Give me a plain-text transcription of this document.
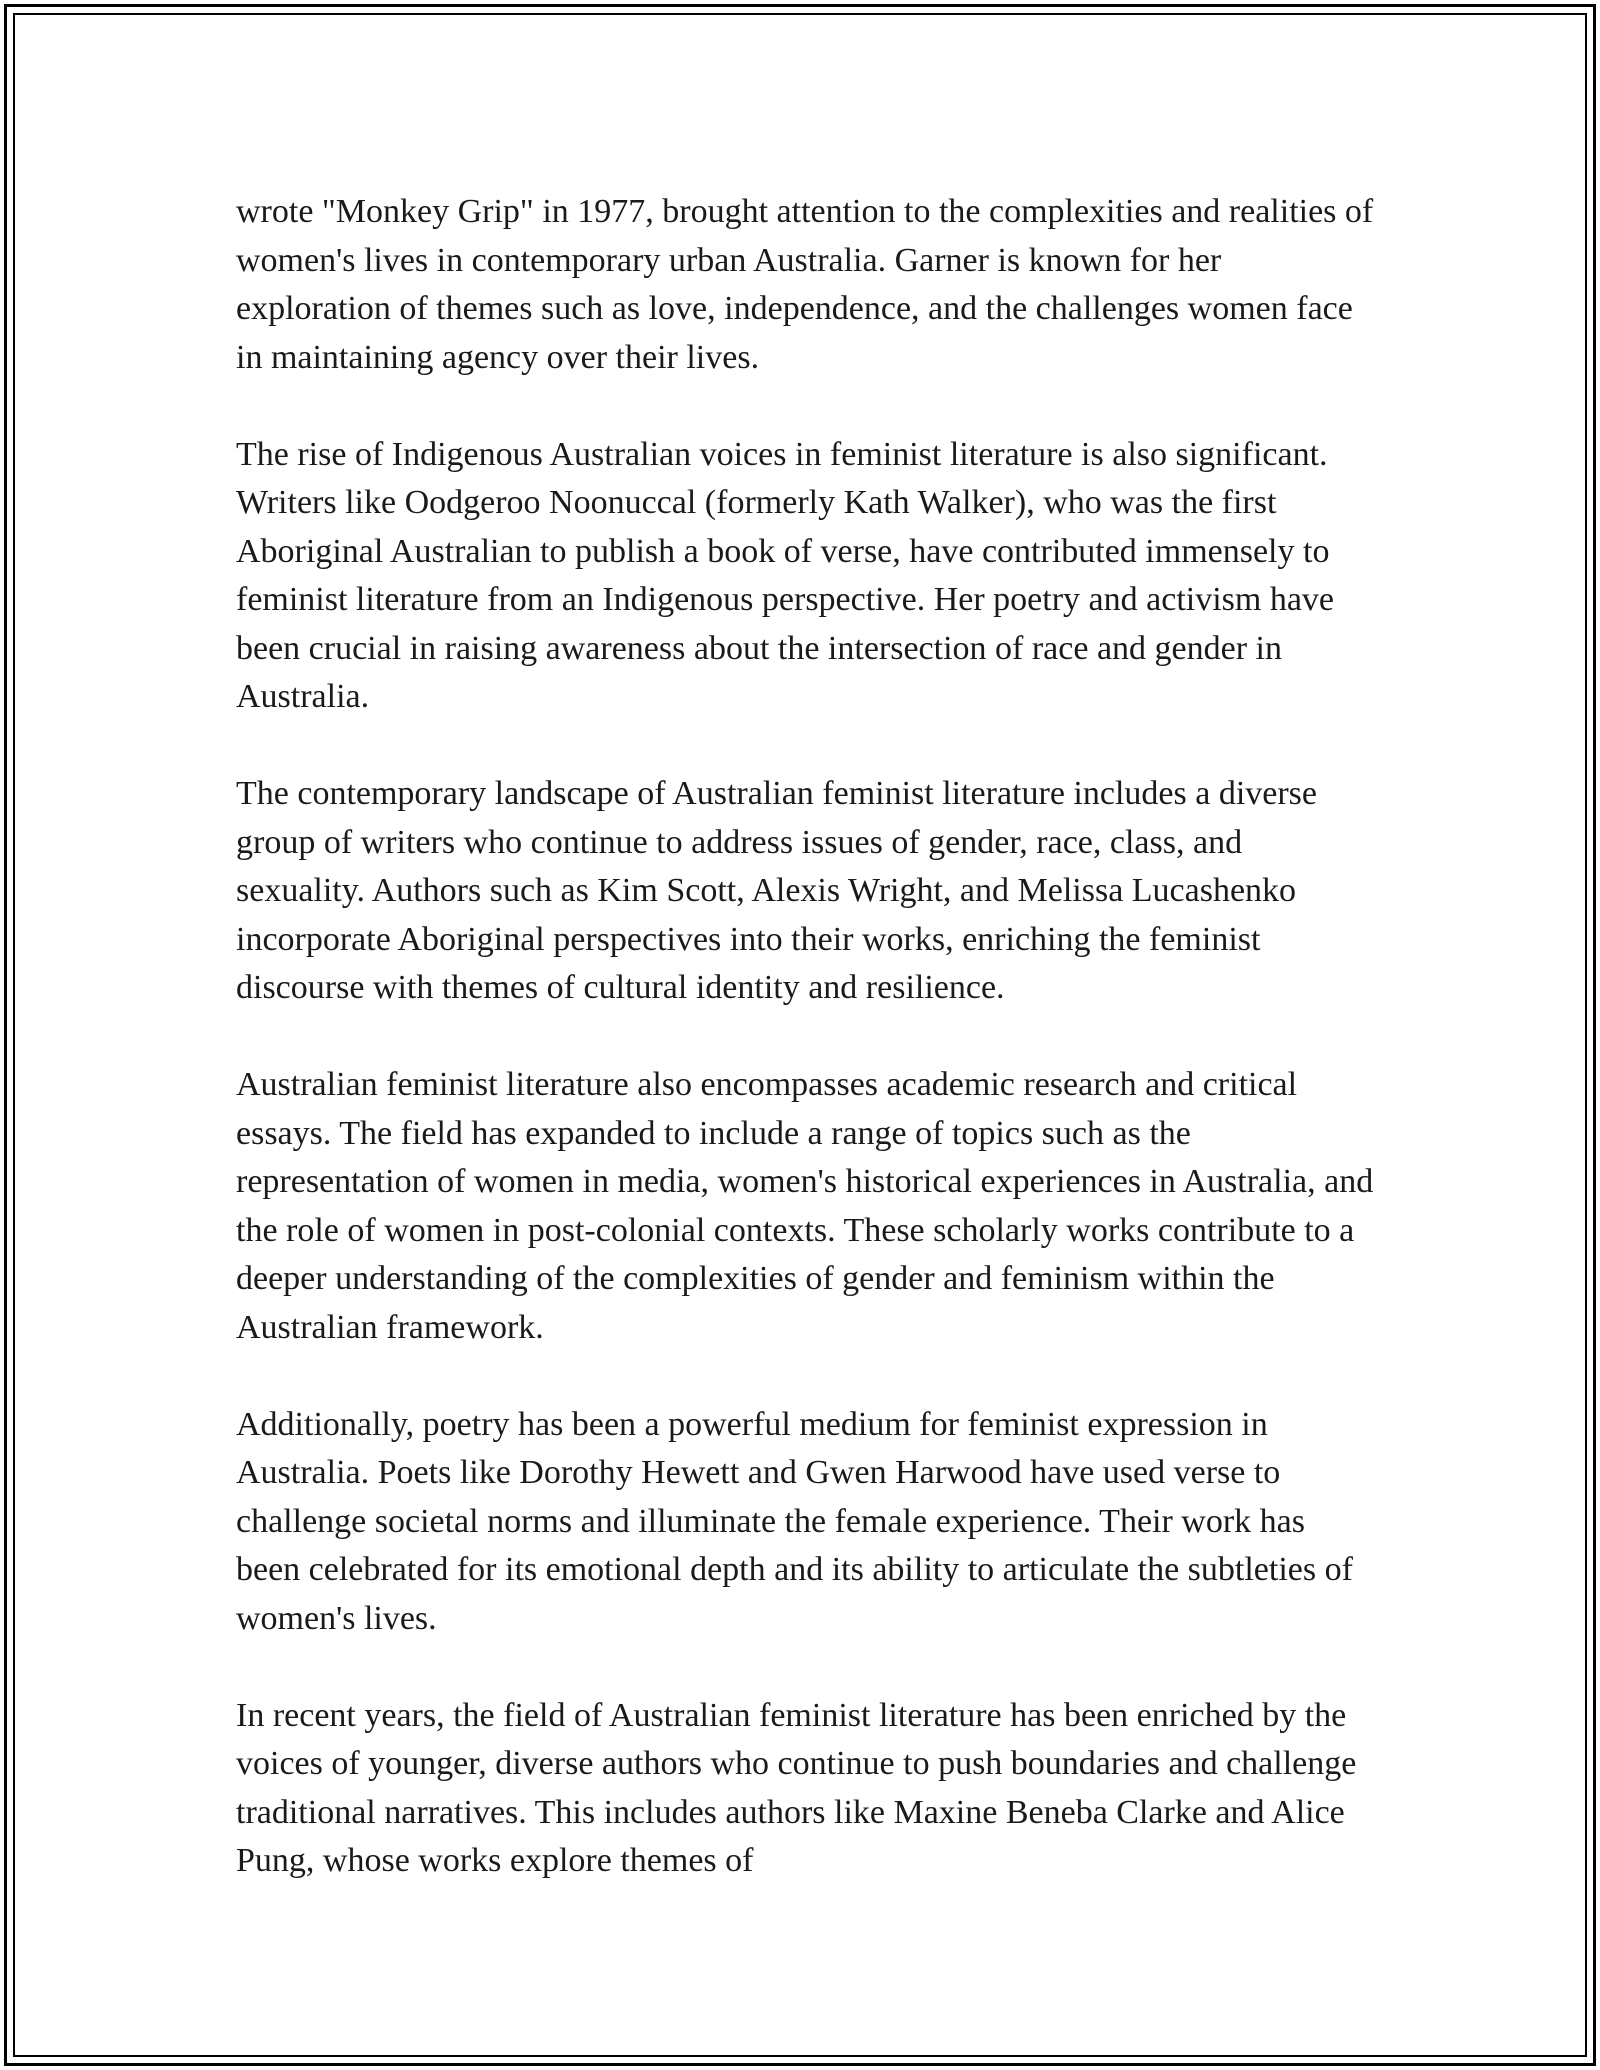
wrote "Monkey Grip" in 1977, brought attention to the complexities and realities of women's lives in contemporary urban Australia. Garner is known for her exploration of themes such as love, independence, and the challenges women face in maintaining agency over their lives.

The rise of Indigenous Australian voices in feminist literature is also significant. Writers like Oodgeroo Noonuccal (formerly Kath Walker), who was the first Aboriginal Australian to publish a book of verse, have contributed immensely to feminist literature from an Indigenous perspective. Her poetry and activism have been crucial in raising awareness about the intersection of race and gender in Australia.

The contemporary landscape of Australian feminist literature includes a diverse group of writers who continue to address issues of gender, race, class, and sexuality. Authors such as Kim Scott, Alexis Wright, and Melissa Lucashenko incorporate Aboriginal perspectives into their works, enriching the feminist discourse with themes of cultural identity and resilience.

Australian feminist literature also encompasses academic research and critical essays. The field has expanded to include a range of topics such as the representation of women in media, women's historical experiences in Australia, and the role of women in post-colonial contexts. These scholarly works contribute to a deeper understanding of the complexities of gender and feminism within the Australian framework.

Additionally, poetry has been a powerful medium for feminist expression in Australia. Poets like Dorothy Hewett and Gwen Harwood have used verse to challenge societal norms and illuminate the female experience. Their work has been celebrated for its emotional depth and its ability to articulate the subtleties of women's lives.

In recent years, the field of Australian feminist literature has been enriched by the voices of younger, diverse authors who continue to push boundaries and challenge traditional narratives. This includes authors like Maxine Beneba Clarke and Alice Pung, whose works explore themes of
